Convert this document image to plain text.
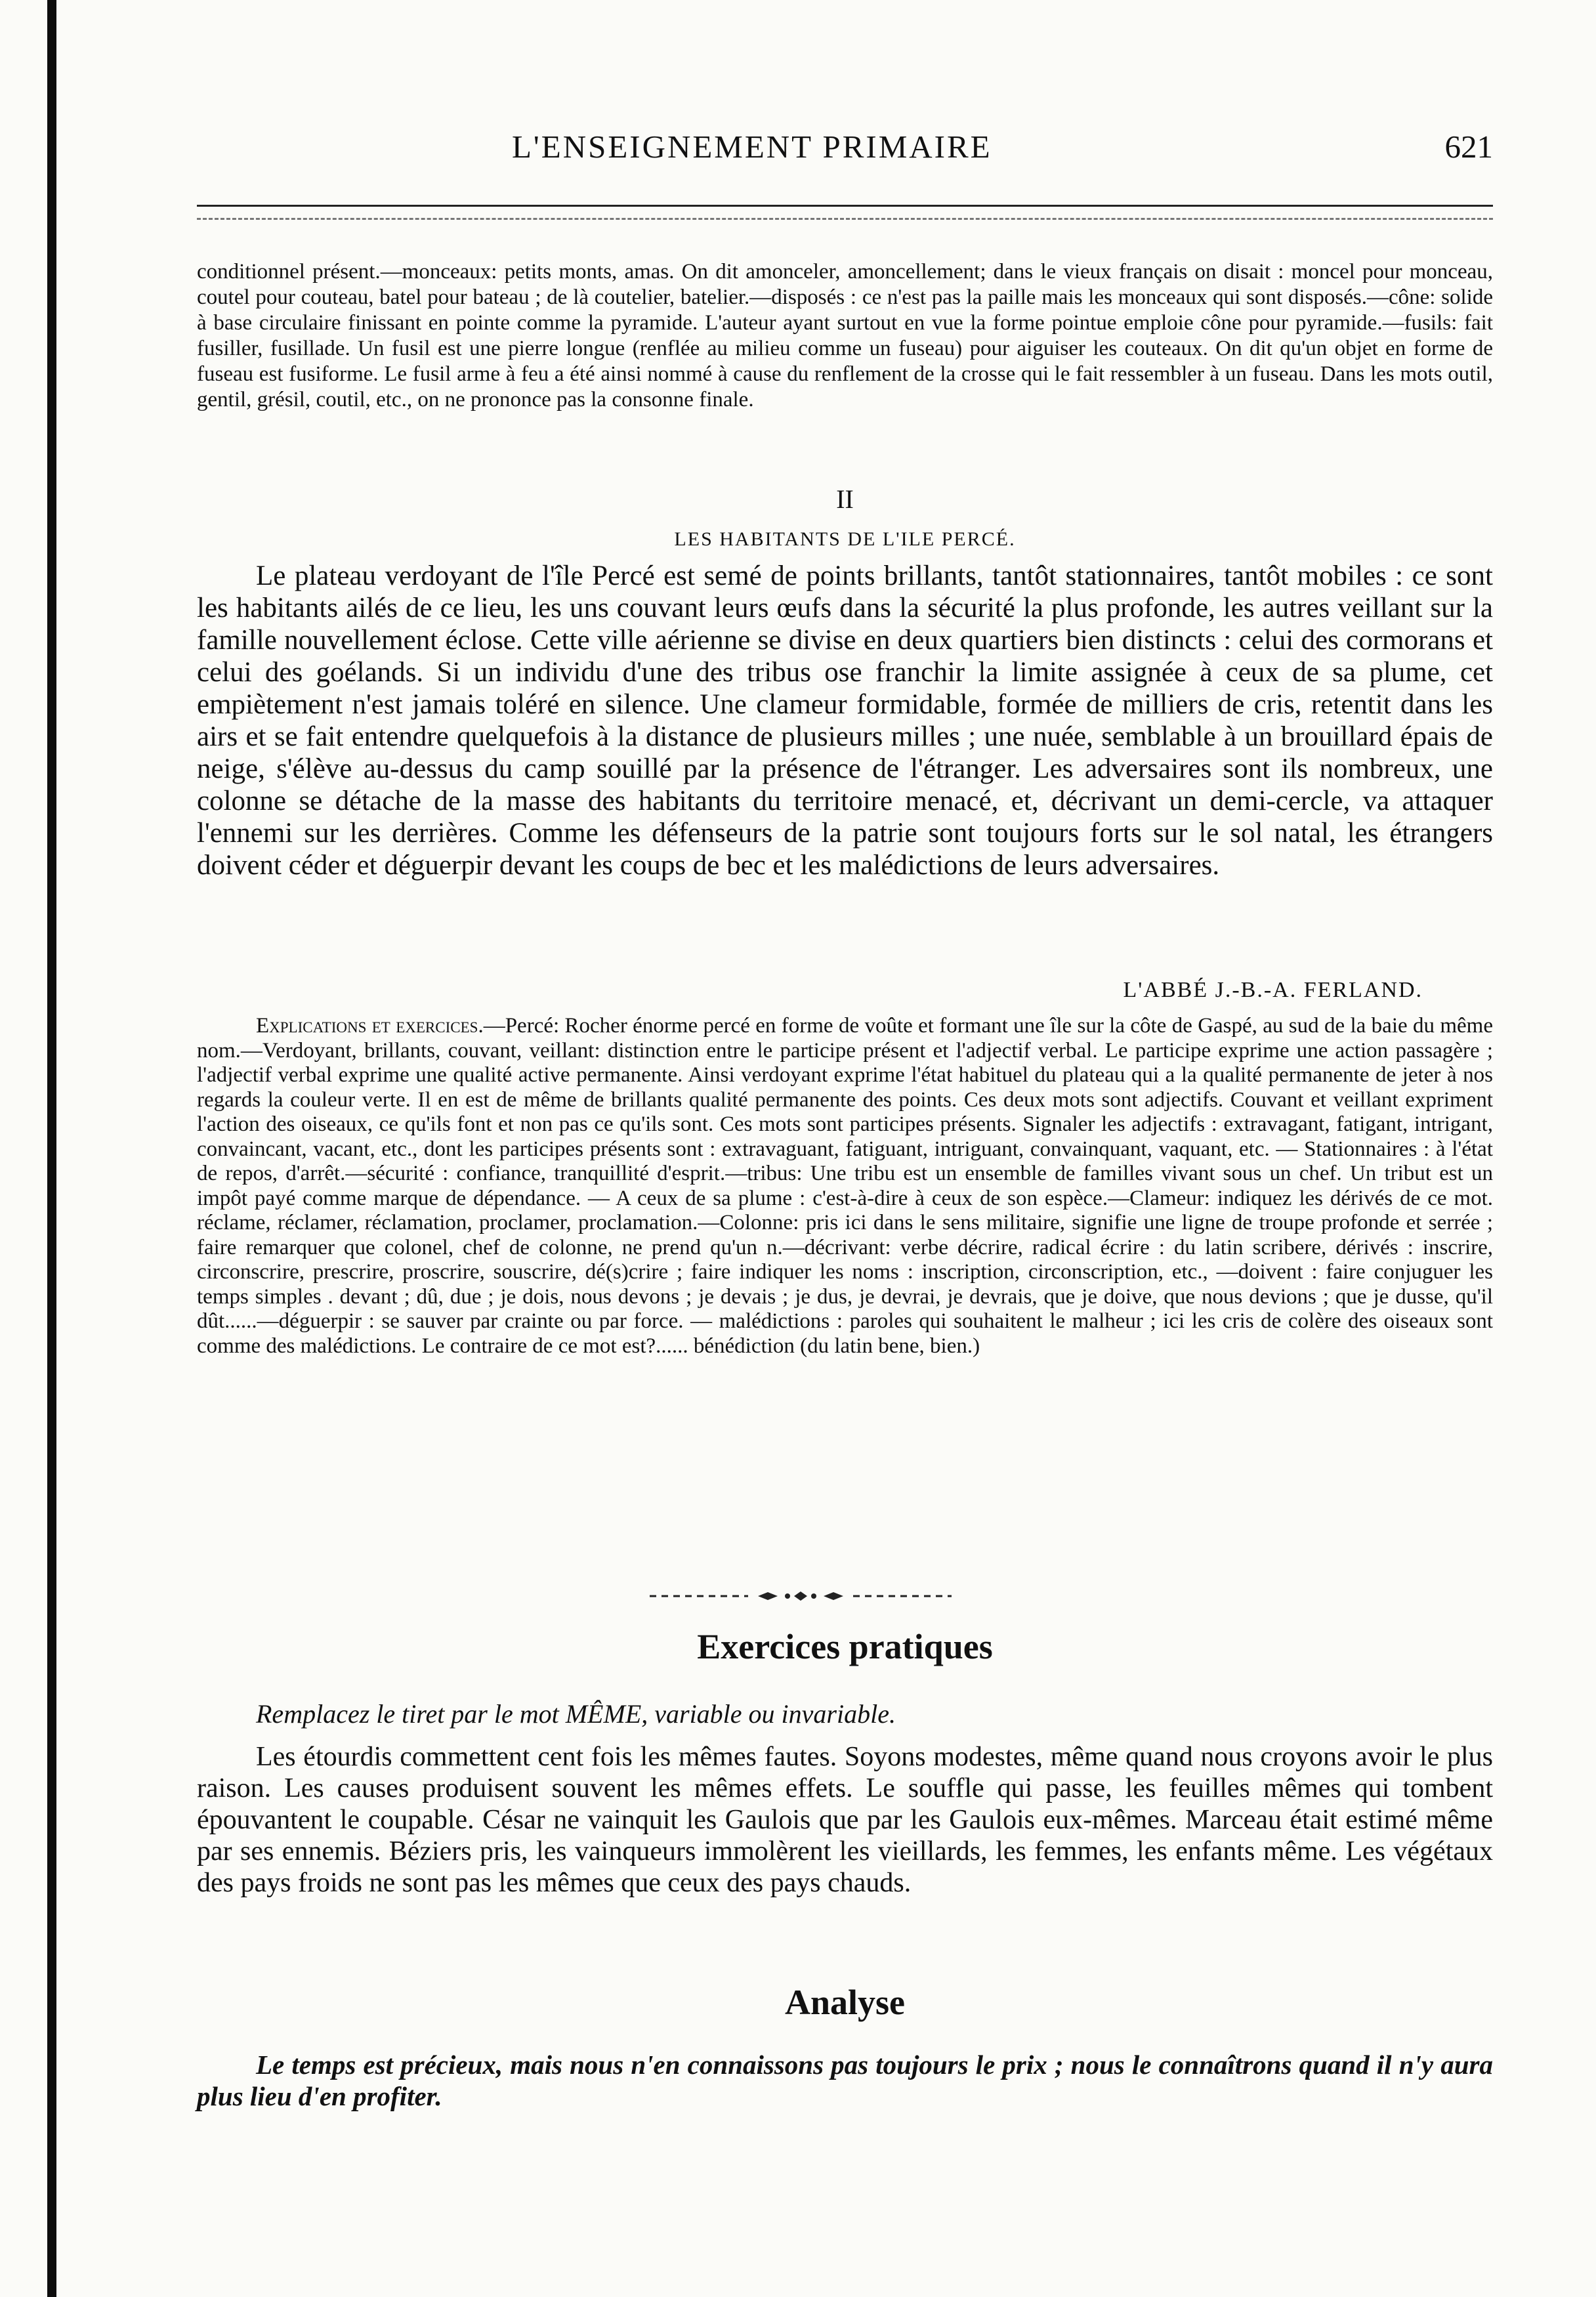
L'ENSEIGNEMENT PRIMAIRE	621

conditionnel présent.—monceaux: petits monts, amas. On dit amonceler, amoncellement; dans le vieux français on disait : moncel pour monceau, coutel pour couteau, batel pour bateau ; de là coutelier, batelier.—disposés : ce n'est pas la paille mais les monceaux qui sont disposés.—cône: solide à base circulaire finissant en pointe comme la pyramide. L'auteur ayant surtout en vue la forme pointue emploie cône pour pyramide.—fusils: fait fusiller, fusillade. Un fusil est une pierre longue (renflée au milieu comme un fuseau) pour aiguiser les couteaux. On dit qu'un objet en forme de fuseau est fusiforme. Le fusil arme à feu a été ainsi nommé à cause du renflement de la crosse qui le fait ressembler à un fuseau. Dans les mots outil, gentil, grésil, coutil, etc., on ne prononce pas la consonne finale.

II
LES HABITANTS DE L'ILE PERCÉ.

Le plateau verdoyant de l'île Percé est semé de points brillants, tantôt stationnaires, tantôt mobiles : ce sont les habitants ailés de ce lieu, les uns couvant leurs œufs dans la sécurité la plus profonde, les autres veillant sur la famille nouvellement éclose. Cette ville aérienne se divise en deux quartiers bien distincts : celui des cormorans et celui des goélands. Si un individu d'une des tribus ose franchir la limite assignée à ceux de sa plume, cet empiètement n'est jamais toléré en silence. Une clameur formidable, formée de milliers de cris, retentit dans les airs et se fait entendre quelquefois à la distance de plusieurs milles ; une nuée, semblable à un brouillard épais de neige, s'élève au-dessus du camp souillé par la présence de l'étranger. Les adversaires sont ils nombreux, une colonne se détache de la masse des habitants du territoire menacé, et, décrivant un demi-cercle, va attaquer l'ennemi sur les derrières. Comme les défenseurs de la patrie sont toujours forts sur le sol natal, les étrangers doivent céder et déguerpir devant les coups de bec et les malédictions de leurs adversaires.

L'ABBÉ J.-B.-A. FERLAND.

Explications et exercices.—Percé: Rocher énorme percé en forme de voûte et formant une île sur la côte de Gaspé, au sud de la baie du même nom.—Verdoyant, brillants, couvant, veillant: distinction entre le participe présent et l'adjectif verbal. Le participe exprime une action passagère ; l'adjectif verbal exprime une qualité active permanente. Ainsi verdoyant exprime l'état habituel du plateau qui a la qualité permanente de jeter à nos regards la couleur verte. Il en est de même de brillants qualité permanente des points. Ces deux mots sont adjectifs. Couvant et veillant expriment l'action des oiseaux, ce qu'ils font et non pas ce qu'ils sont. Ces mots sont participes présents. Signaler les adjectifs : extravagant, fatigant, intrigant, convaincant, vacant, etc., dont les participes présents sont : extravaguant, fatiguant, intriguant, convainquant, vaquant, etc. — Stationnaires : à l'état de repos, d'arrêt.—sécurité : confiance, tranquillité d'esprit.—tribus: Une tribu est un ensemble de familles vivant sous un chef. Un tribut est un impôt payé comme marque de dépendance. — A ceux de sa plume : c'est-à-dire à ceux de son espèce.—Clameur: indiquez les dérivés de ce mot. réclame, réclamer, réclamation, proclamer, proclamation.—Colonne: pris ici dans le sens militaire, signifie une ligne de troupe profonde et serrée ; faire remarquer que colonel, chef de colonne, ne prend qu'un n.—décrivant: verbe décrire, radical écrire : du latin scribere, dérivés : inscrire, circonscrire, prescrire, proscrire, souscrire, dé(s)crire ; faire indiquer les noms : inscription, circonscription, etc., —doivent : faire conjuguer les temps simples . devant ; dû, due ; je dois, nous devons ; je devais ; je dus, je devrai, je devrais, que je doive, que nous devions ; que je dusse, qu'il dût......—déguerpir : se sauver par crainte ou par force. — malédictions : paroles qui souhaitent le malheur ; ici les cris de colère des oiseaux sont comme des malédictions. Le contraire de ce mot est?...... bénédiction (du latin bene, bien.)

Exercices pratiques
Remplacez le tiret par le mot MÊME, variable ou invariable.

Les étourdis commettent cent fois les mêmes fautes. Soyons modestes, même quand nous croyons avoir le plus raison. Les causes produisent souvent les mêmes effets. Le souffle qui passe, les feuilles mêmes qui tombent épouvantent le coupable. César ne vainquit les Gaulois que par les Gaulois eux-mêmes. Marceau était estimé même par ses ennemis. Béziers pris, les vainqueurs immolèrent les vieillards, les femmes, les enfants même. Les végétaux des pays froids ne sont pas les mêmes que ceux des pays chauds.

Analyse

Le temps est précieux, mais nous n'en connaissons pas toujours le prix ; nous le connaîtrons quand il n'y aura plus lieu d'en profiter.
